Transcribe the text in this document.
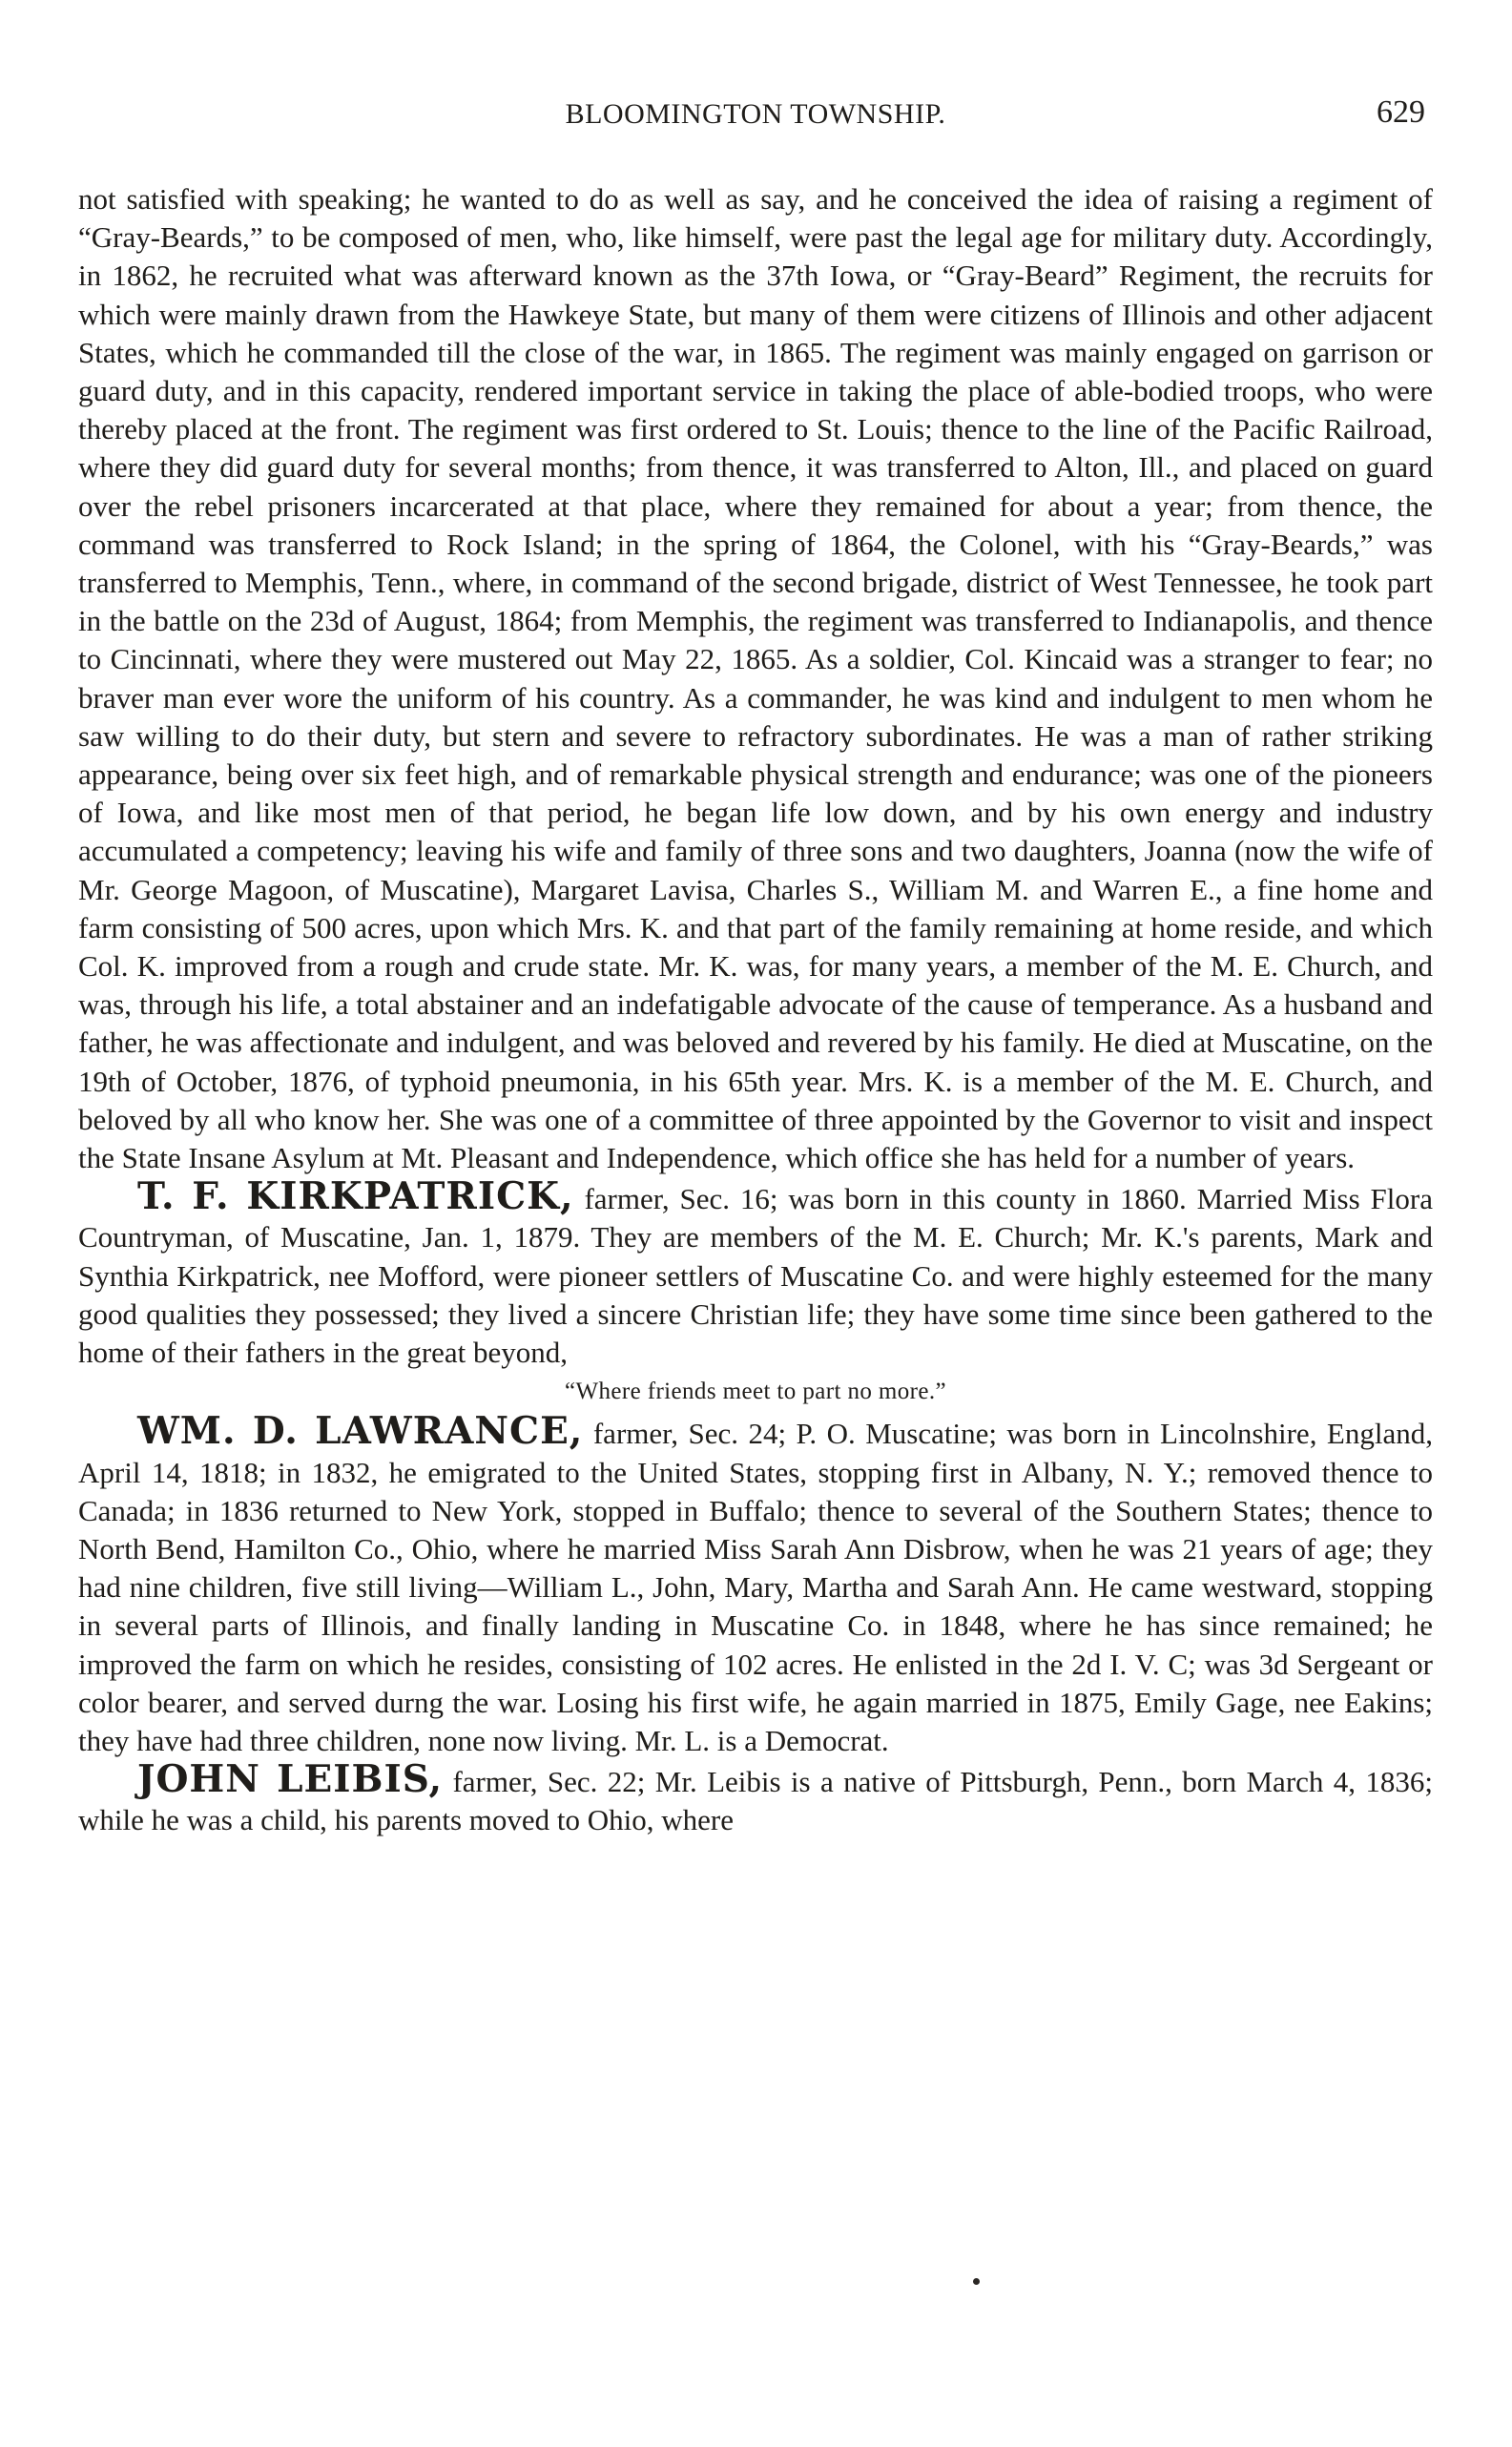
BLOOMINGTON TOWNSHIP.	629

not satisfied with speaking; he wanted to do as well as say, and he conceived the idea of raising a regiment of “Gray-Beards,” to be composed of men, who, like himself, were past the legal age for military duty. Accordingly, in 1862, he recruited what was afterward known as the 37th Iowa, or “Gray-Beard” Regiment, the recruits for which were mainly drawn from the Hawkeye State, but many of them were citizens of Illinois and other adjacent States, which he commanded till the close of the war, in 1865. The regiment was mainly engaged on garrison or guard duty, and in this capacity, rendered important service in taking the place of able-bodied troops, who were thereby placed at the front. The regiment was first ordered to St. Louis; thence to the line of the Pacific Railroad, where they did guard duty for several months; from thence, it was transferred to Alton, Ill., and placed on guard over the rebel prisoners incarcerated at that place, where they remained for about a year; from thence, the command was transferred to Rock Island; in the spring of 1864, the Colonel, with his “Gray-Beards,” was transferred to Memphis, Tenn., where, in command of the second brigade, district of West Tennessee, he took part in the battle on the 23d of August, 1864; from Memphis, the regiment was transferred to Indianapolis, and thence to Cincinnati, where they were mustered out May 22, 1865. As a soldier, Col. Kincaid was a stranger to fear; no braver man ever wore the uniform of his country. As a commander, he was kind and indulgent to men whom he saw willing to do their duty, but stern and severe to refractory subordinates. He was a man of rather striking appearance, being over six feet high, and of remarkable physical strength and endurance; was one of the pioneers of Iowa, and like most men of that period, he began life low down, and by his own energy and industry accumulated a competency; leaving his wife and family of three sons and two daughters, Joanna (now the wife of Mr. George Magoon, of Muscatine), Margaret Lavisa, Charles S., William M. and Warren E., a fine home and farm consisting of 500 acres, upon which Mrs. K. and that part of the family remaining at home reside, and which Col. K. improved from a rough and crude state. Mr. K. was, for many years, a member of the M. E. Church, and was, through his life, a total abstainer and an indefatigable advocate of the cause of temperance. As a husband and father, he was affectionate and indulgent, and was beloved and revered by his family. He died at Muscatine, on the 19th of October, 1876, of typhoid pneumonia, in his 65th year. Mrs. K. is a member of the M. E. Church, and beloved by all who know her. She was one of a committee of three appointed by the Governor to visit and inspect the State Insane Asylum at Mt. Pleasant and Independence, which office she has held for a number of years.

T. F. KIRKPATRICK, farmer, Sec. 16; was born in this county in 1860. Married Miss Flora Countryman, of Muscatine, Jan. 1, 1879. They are members of the M. E. Church; Mr. K.'s parents, Mark and Synthia Kirkpatrick, nee Mofford, were pioneer settlers of Muscatine Co. and were highly esteemed for the many good qualities they possessed; they lived a sincere Christian life; they have some time since been gathered to the home of their fathers in the great beyond,

“Where friends meet to part no more.”

WM. D. LAWRANCE, farmer, Sec. 24; P. O. Muscatine; was born in Lincolnshire, England, April 14, 1818; in 1832, he emigrated to the United States, stopping first in Albany, N. Y.; removed thence to Canada; in 1836 returned to New York, stopped in Buffalo; thence to several of the Southern States; thence to North Bend, Hamilton Co., Ohio, where he married Miss Sarah Ann Disbrow, when he was 21 years of age; they had nine children, five still living—William L., John, Mary, Martha and Sarah Ann. He came westward, stopping in several parts of Illinois, and finally landing in Muscatine Co. in 1848, where he has since remained; he improved the farm on which he resides, consisting of 102 acres. He enlisted in the 2d I. V. C; was 3d Sergeant or color bearer, and served durng the war. Losing his first wife, he again married in 1875, Emily Gage, nee Eakins; they have had three children, none now living. Mr. L. is a Democrat.

JOHN LEIBIS, farmer, Sec. 22; Mr. Leibis is a native of Pittsburgh, Penn., born March 4, 1836; while he was a child, his parents moved to Ohio, where
